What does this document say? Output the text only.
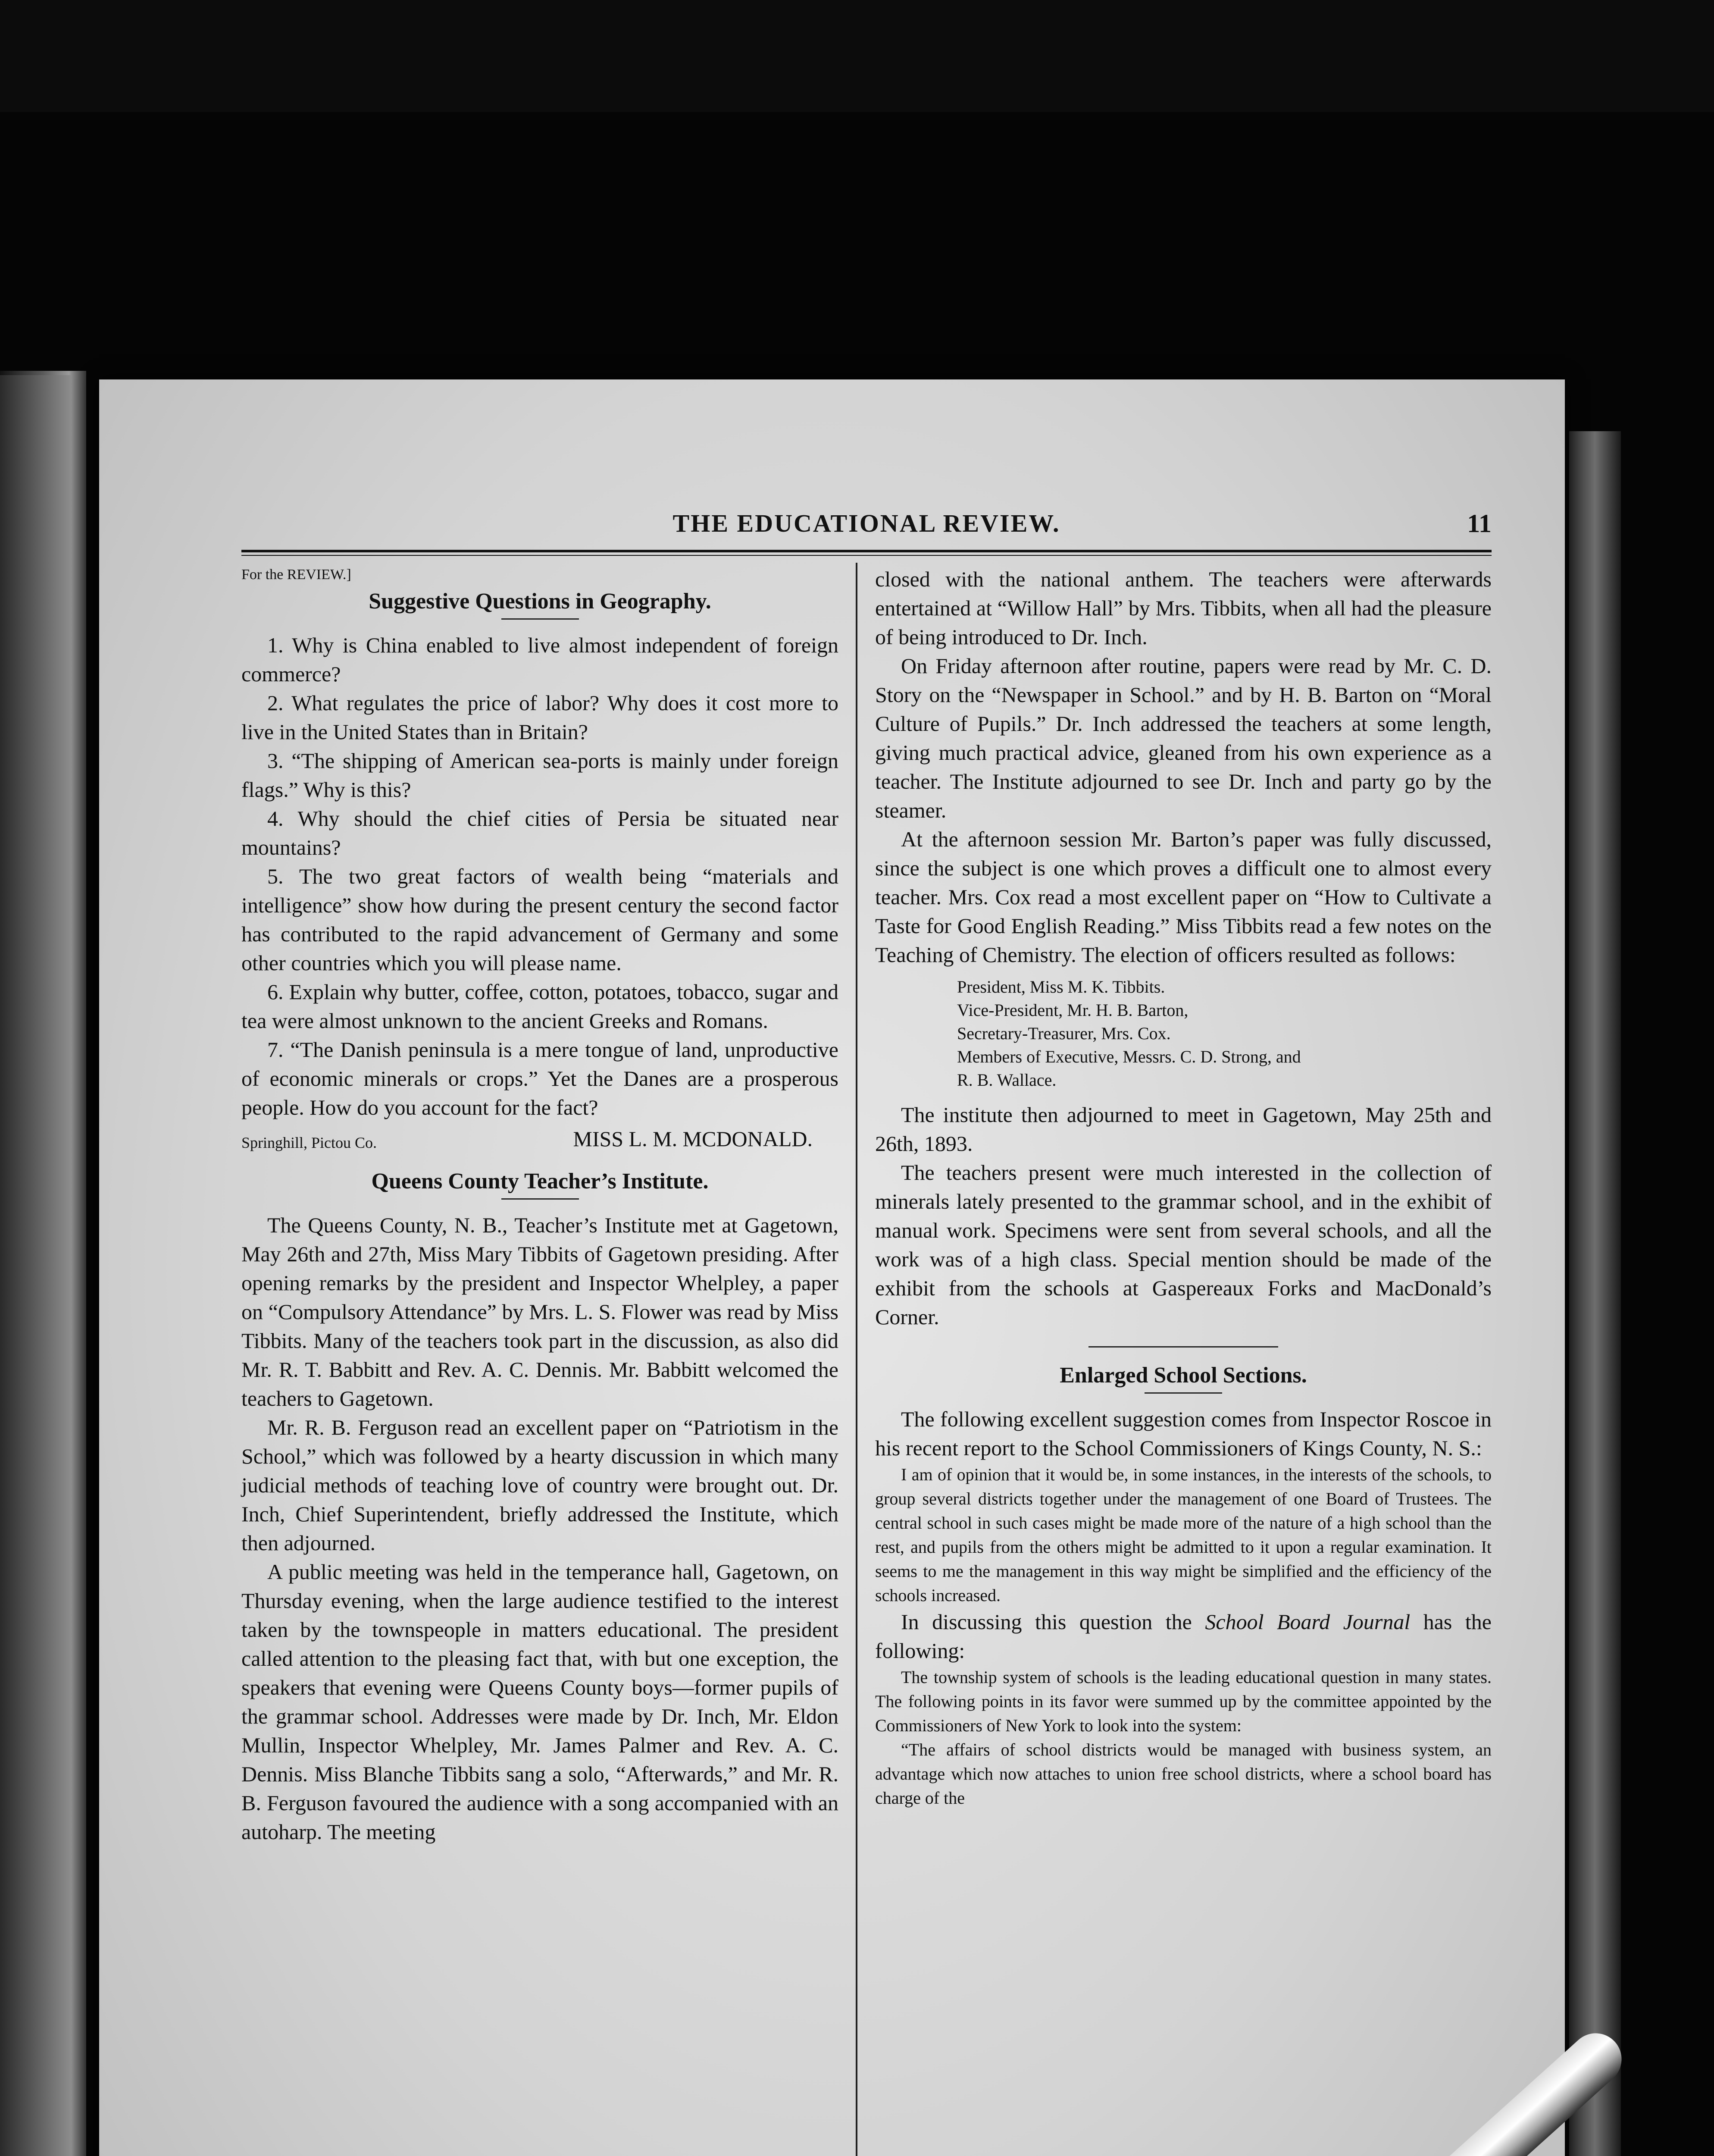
THE EDUCATIONAL REVIEW.	11
For the REVIEW.]
Suggestive Questions in Geography.
1. Why is China enabled to live almost independent of foreign commerce?
2. What regulates the price of labor? Why does it cost more to live in the United States than in Britain?
3. “The shipping of American sea-ports is mainly under foreign flags.” Why is this?
4. Why should the chief cities of Persia be situated near mountains?
5. The two great factors of wealth being “materials and intelligence” show how during the present century the second factor has contributed to the rapid advancement of Germany and some other countries which you will please name.
6. Explain why butter, coffee, cotton, potatoes, tobacco, sugar and tea were almost unknown to the ancient Greeks and Romans.
7. “The Danish peninsula is a mere tongue of land, unproductive of economic minerals or crops.” Yet the Danes are a prosperous people. How do you account for the fact?
MISS L. M. MCDONALD.
Springhill, Pictou Co.
Queens County Teacher’s Institute.

The Queens County, N. B., Teacher’s Institute met at Gagetown, May 26th and 27th, Miss Mary Tibbits of Gagetown presiding. After opening remarks by the president and Inspector Whelpley, a paper on “Compulsory Attendance” by Mrs. L. S. Flower was read by Miss Tibbits. Many of the teachers took part in the discussion, as also did Mr. R. T. Babbitt and Rev. A. C. Dennis. Mr. Babbitt welcomed the teachers to Gagetown.

Mr. R. B. Ferguson read an excellent paper on “Patriotism in the School,” which was followed by a hearty discussion in which many judicial methods of teaching love of country were brought out. Dr. Inch, Chief Superintendent, briefly addressed the Institute, which then adjourned.

A public meeting was held in the temperance hall, Gagetown, on Thursday evening, when the large audience testified to the interest taken by the townspeople in matters educational. The president called attention to the pleasing fact that, with but one exception, the speakers that evening were Queens County boys—former pupils of the grammar school. Addresses were made by Dr. Inch, Mr. Eldon Mullin, Inspector Whelpley, Mr. James Palmer and Rev. A. C. Dennis. Miss Blanche Tibbits sang a solo, “Afterwards,” and Mr. R. B. Ferguson favoured the audience with a song accompanied with an autoharp. The meeting

closed with the national anthem. The teachers were afterwards entertained at “Willow Hall” by Mrs. Tibbits, when all had the pleasure of being introduced to Dr. Inch.

On Friday afternoon after routine, papers were read by Mr. C. D. Story on the “Newspaper in School.” and by H. B. Barton on “Moral Culture of Pupils.” Dr. Inch addressed the teachers at some length, giving much practical advice, gleaned from his own experience as a teacher. The Institute adjourned to see Dr. Inch and party go by the steamer.

At the afternoon session Mr. Barton’s paper was fully discussed, since the subject is one which proves a difficult one to almost every teacher. Mrs. Cox read a most excellent paper on “How to Cultivate a Taste for Good English Reading.” Miss Tibbits read a few notes on the Teaching of Chemistry. The election of officers resulted as follows:

President, Miss M. K. Tibbits.
Vice-President, Mr. H. B. Barton,
Secretary-Treasurer, Mrs. Cox.
Members of Executive, Messrs. C. D. Strong, and
R. B. Wallace.

The institute then adjourned to meet in Gagetown, May 25th and 26th, 1893.

The teachers present were much interested in the collection of minerals lately presented to the grammar school, and in the exhibit of manual work. Specimens were sent from several schools, and all the work was of a high class. Special mention should be made of the exhibit from the schools at Gaspereaux Forks and MacDonald’s Corner.

Enlarged School Sections.

The following excellent suggestion comes from Inspector Roscoe in his recent report to the School Commissioners of Kings County, N. S.:

I am of opinion that it would be, in some instances, in the interests of the schools, to group several districts together under the management of one Board of Trustees. The central school in such cases might be made more of the nature of a high school than the rest, and pupils from the others might be admitted to it upon a regular examination. It seems to me the management in this way might be simplified and the efficiency of the schools increased.

In discussing this question the School Board Journal has the following:

The township system of schools is the leading educational question in many states. The following points in its favor were summed up by the committee appointed by the Commissioners of New York to look into the system:
“The affairs of school districts would be managed with business system, an advantage which now attaches to union free school districts, where a school board has charge of the
